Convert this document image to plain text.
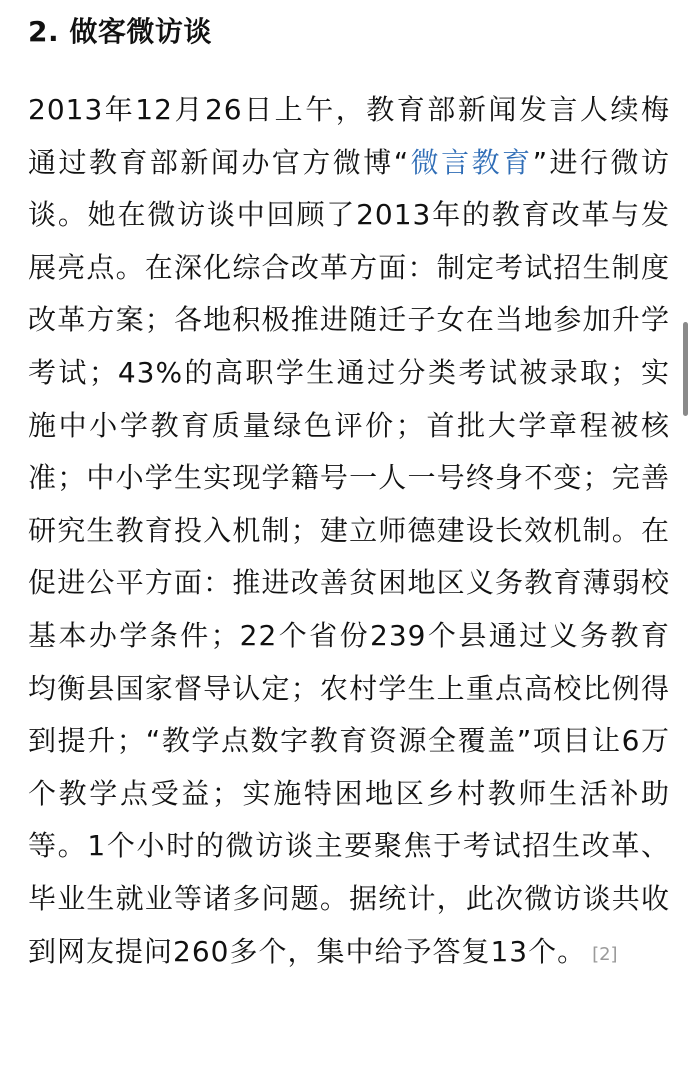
2. 做客微访谈

2013年12月26日上午，教育部新闻发言人续梅通过教育部新闻办官方微博“微言教育”进行微访谈。她在微访谈中回顾了2013年的教育改革与发展亮点。在深化综合改革方面：制定考试招生制度改革方案；各地积极推进随迁子女在当地参加升学考试；43%的高职学生通过分类考试被录取；实施中小学教育质量绿色评价；首批大学章程被核准；中小学生实现学籍号一人一号终身不变；完善研究生教育投入机制；建立师德建设长效机制。在促进公平方面：推进改善贫困地区义务教育薄弱校基本办学条件；22个省份239个县通过义务教育均衡县国家督导认定；农村学生上重点高校比例得到提升；“教学点数字教育资源全覆盖”项目让6万个教学点受益；实施特困地区乡村教师生活补助等。1个小时的微访谈主要聚焦于考试招生改革、毕业生就业等诸多问题。据统计，此次微访谈共收到网友提问260多个，集中给予答复13个。 [2]
